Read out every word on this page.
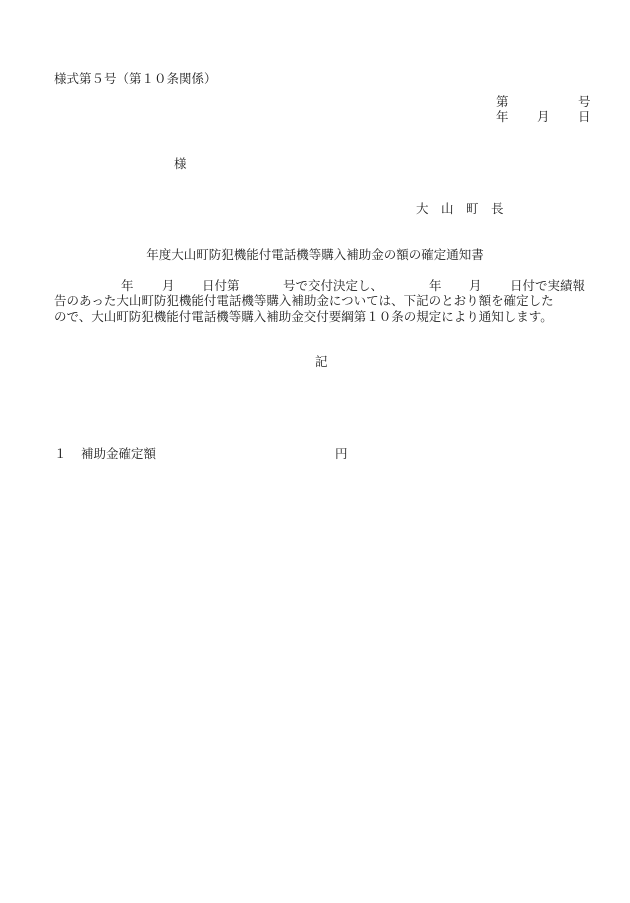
様式第５号（第１０条関係）
第	号
年 月 日
様
大　山　町　長
年度大山町防犯機能付電話機等購入補助金の額の確定通知書
年 月 日付第	号で交付決定し、	年 月 日付で実績報
告のあった大山町防犯機能付電話機等購入補助金については、下記のとおり額を確定した
ので、大山町防犯機能付電話機等購入補助金交付要綱第１０条の規定により通知します。
記
１ 補助金確定額	円
